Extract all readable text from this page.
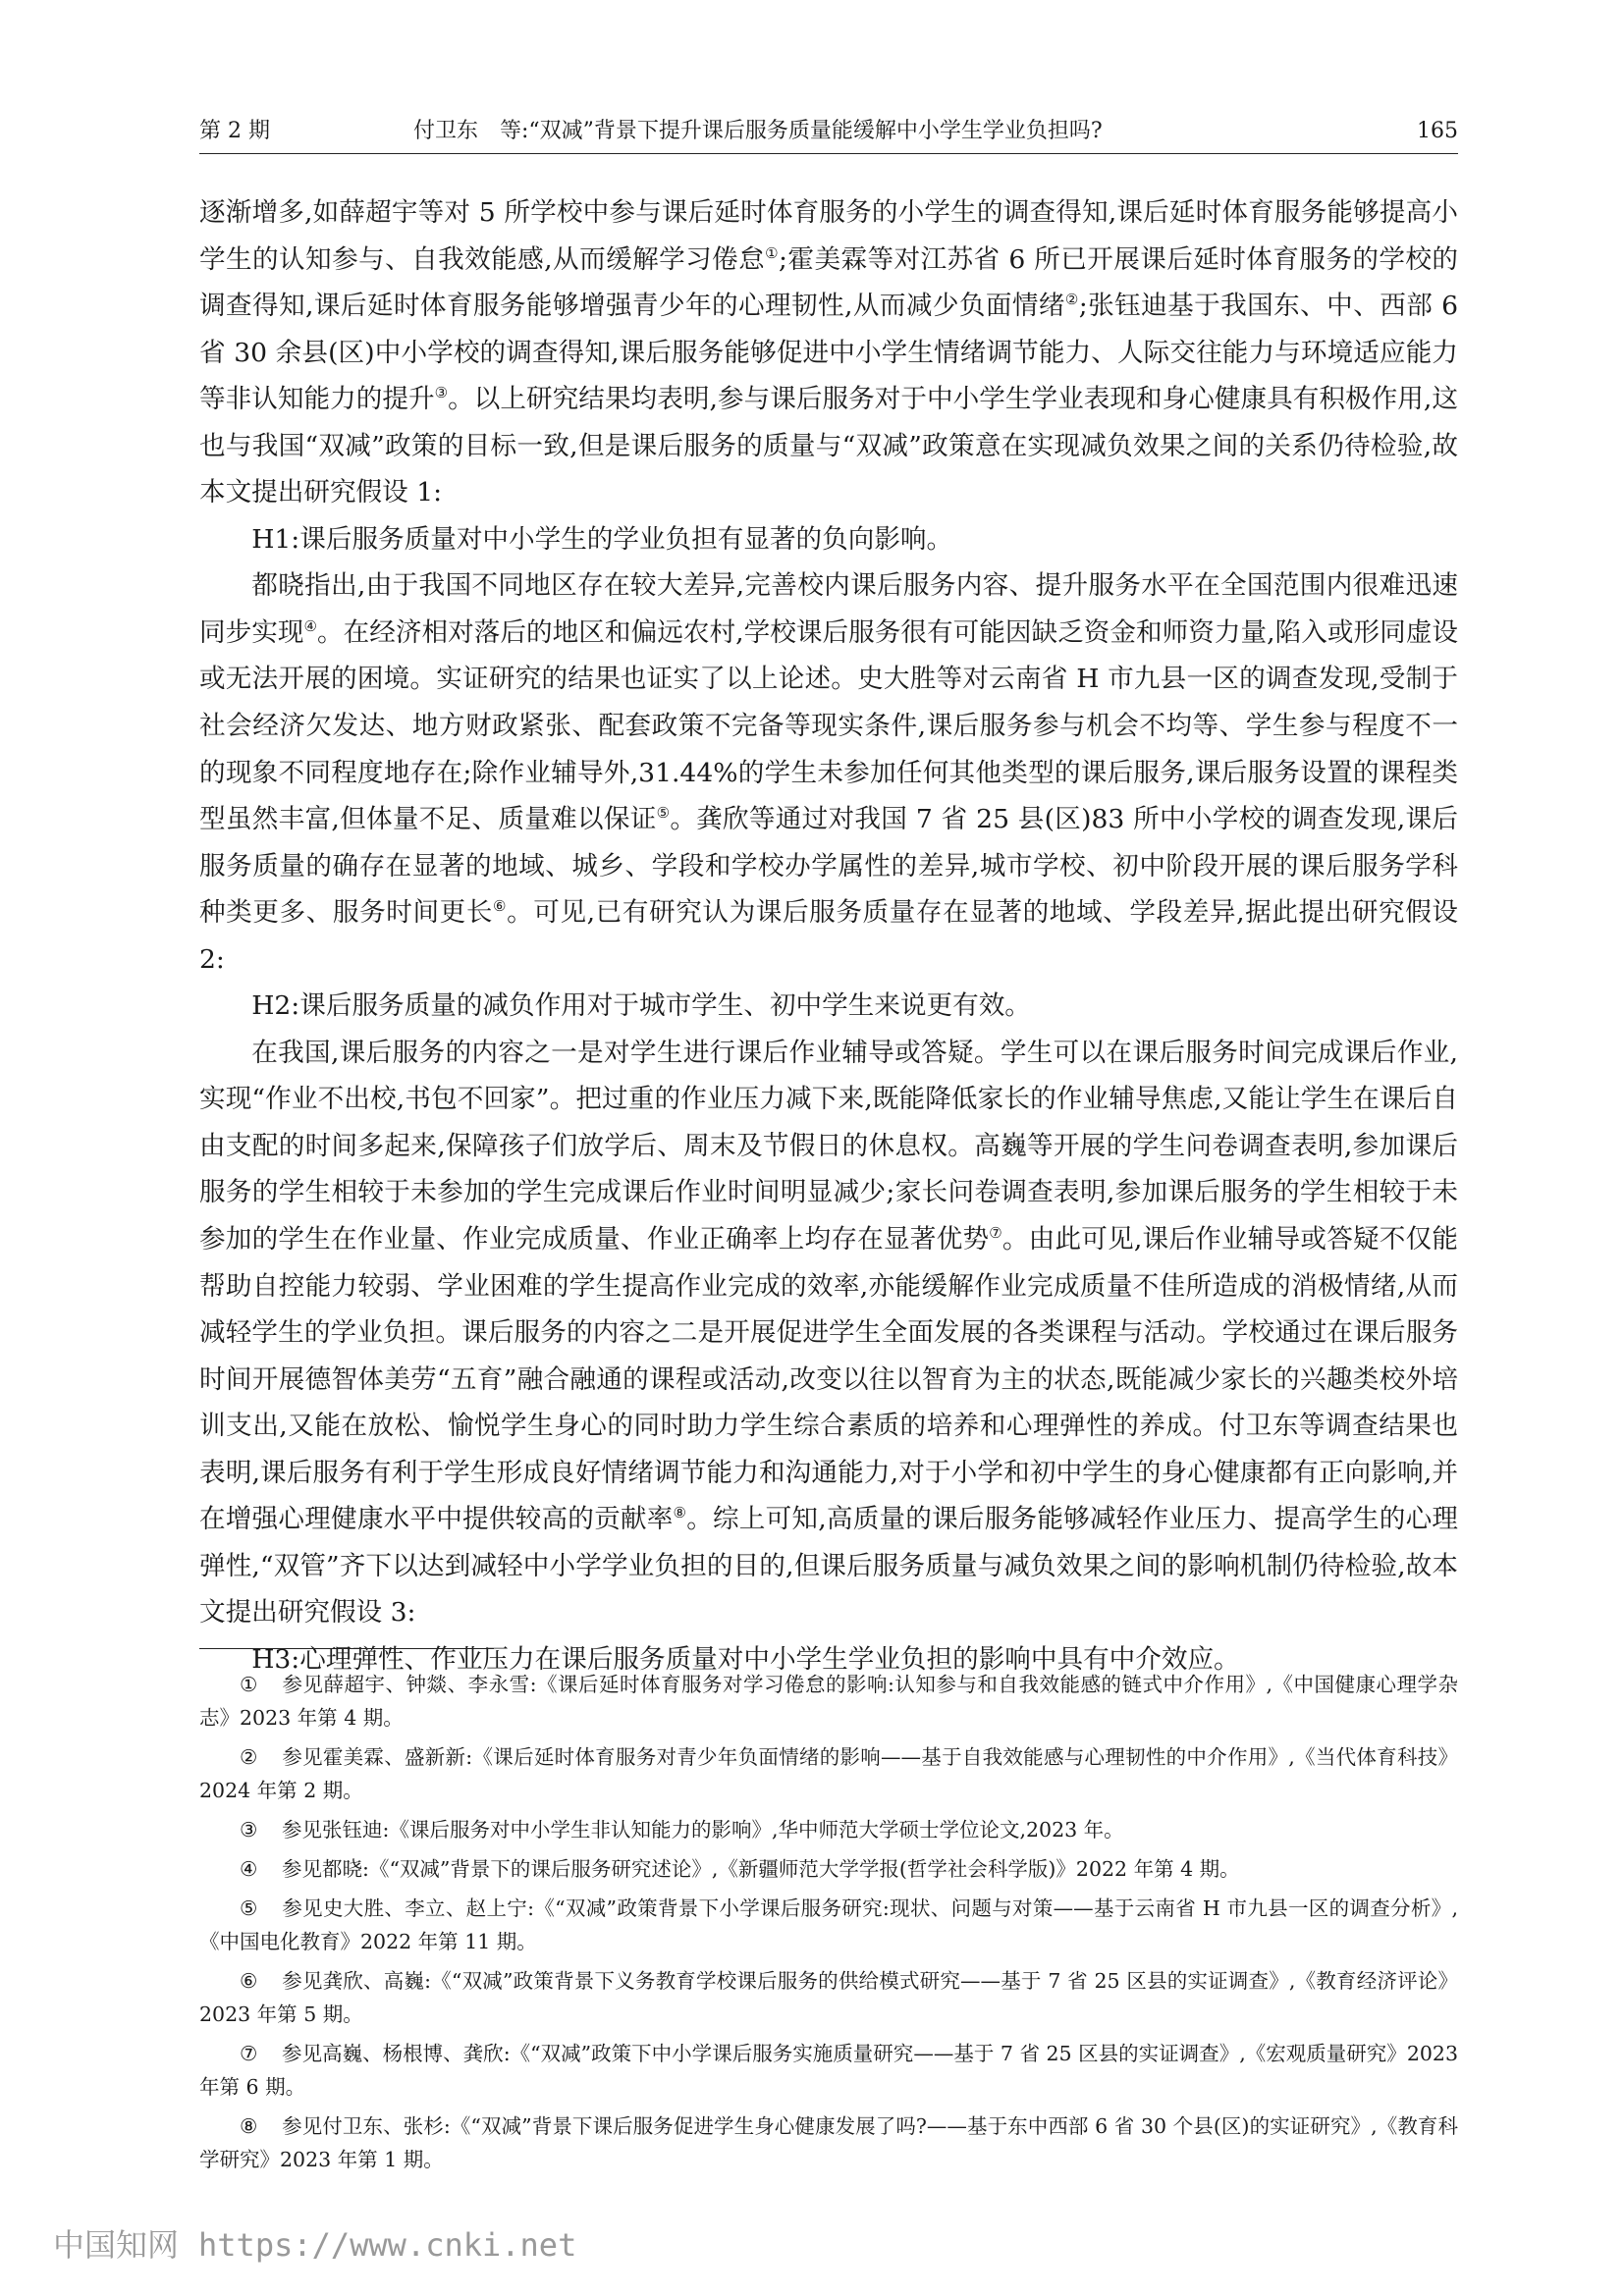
第 2 期	付卫东　等:“双减”背景下提升课后服务质量能缓解中小学生学业负担吗?	165

逐渐增多,如薛超宇等对 5 所学校中参与课后延时体育服务的小学生的调查得知,课后延时体育服务能够提高小学生的认知参与、自我效能感,从而缓解学习倦怠①;霍美霖等对江苏省 6 所已开展课后延时体育服务的学校的调查得知,课后延时体育服务能够增强青少年的心理韧性,从而减少负面情绪②;张钰迪基于我国东、中、西部 6 省 30 余县(区)中小学校的调查得知,课后服务能够促进中小学生情绪调节能力、人际交往能力与环境适应能力等非认知能力的提升③。以上研究结果均表明,参与课后服务对于中小学生学业表现和身心健康具有积极作用,这也与我国“双减”政策的目标一致,但是课后服务的质量与“双减”政策意在实现减负效果之间的关系仍待检验,故本文提出研究假设 1:

H1:课后服务质量对中小学生的学业负担有显著的负向影响。

都晓指出,由于我国不同地区存在较大差异,完善校内课后服务内容、提升服务水平在全国范围内很难迅速同步实现④。在经济相对落后的地区和偏远农村,学校课后服务很有可能因缺乏资金和师资力量,陷入或形同虚设或无法开展的困境。实证研究的结果也证实了以上论述。史大胜等对云南省 H 市九县一区的调查发现,受制于社会经济欠发达、地方财政紧张、配套政策不完备等现实条件,课后服务参与机会不均等、学生参与程度不一的现象不同程度地存在;除作业辅导外,31.44%的学生未参加任何其他类型的课后服务,课后服务设置的课程类型虽然丰富,但体量不足、质量难以保证⑤。龚欣等通过对我国 7 省 25 县(区)83 所中小学校的调查发现,课后服务质量的确存在显著的地域、城乡、学段和学校办学属性的差异,城市学校、初中阶段开展的课后服务学科种类更多、服务时间更长⑥。可见,已有研究认为课后服务质量存在显著的地域、学段差异,据此提出研究假设 2:

H2:课后服务质量的减负作用对于城市学生、初中学生来说更有效。

在我国,课后服务的内容之一是对学生进行课后作业辅导或答疑。学生可以在课后服务时间完成课后作业,实现“作业不出校,书包不回家”。把过重的作业压力减下来,既能降低家长的作业辅导焦虑,又能让学生在课后自由支配的时间多起来,保障孩子们放学后、周末及节假日的休息权。高巍等开展的学生问卷调查表明,参加课后服务的学生相较于未参加的学生完成课后作业时间明显减少;家长问卷调查表明,参加课后服务的学生相较于未参加的学生在作业量、作业完成质量、作业正确率上均存在显著优势⑦。由此可见,课后作业辅导或答疑不仅能帮助自控能力较弱、学业困难的学生提高作业完成的效率,亦能缓解作业完成质量不佳所造成的消极情绪,从而减轻学生的学业负担。课后服务的内容之二是开展促进学生全面发展的各类课程与活动。学校通过在课后服务时间开展德智体美劳“五育”融合融通的课程或活动,改变以往以智育为主的状态,既能减少家长的兴趣类校外培训支出,又能在放松、愉悦学生身心的同时助力学生综合素质的培养和心理弹性的养成。付卫东等调查结果也表明,课后服务有利于学生形成良好情绪调节能力和沟通能力,对于小学和初中学生的身心健康都有正向影响,并在增强心理健康水平中提供较高的贡献率⑧。综上可知,高质量的课后服务能够减轻作业压力、提高学生的心理弹性,“双管”齐下以达到减轻中小学学业负担的目的,但课后服务质量与减负效果之间的影响机制仍待检验,故本文提出研究假设 3:

H3:心理弹性、作业压力在课后服务质量对中小学生学业负担的影响中具有中介效应。

① 参见薛超宇、钟燚、李永雪:《课后延时体育服务对学习倦怠的影响:认知参与和自我效能感的链式中介作用》,《中国健康心理学杂志》2023 年第 4 期。

② 参见霍美霖、盛新新:《课后延时体育服务对青少年负面情绪的影响——基于自我效能感与心理韧性的中介作用》,《当代体育科技》2024 年第 2 期。

③ 参见张钰迪:《课后服务对中小学生非认知能力的影响》,华中师范大学硕士学位论文,2023 年。

④ 参见都晓:《“双减”背景下的课后服务研究述论》,《新疆师范大学学报(哲学社会科学版)》2022 年第 4 期。

⑤ 参见史大胜、李立、赵上宁:《“双减”政策背景下小学课后服务研究:现状、问题与对策——基于云南省 H 市九县一区的调查分析》,《中国电化教育》2022 年第 11 期。

⑥ 参见龚欣、高巍:《“双减”政策背景下义务教育学校课后服务的供给模式研究——基于 7 省 25 区县的实证调查》,《教育经济评论》2023 年第 5 期。

⑦ 参见高巍、杨根博、龚欣:《“双减”政策下中小学课后服务实施质量研究——基于 7 省 25 区县的实证调查》,《宏观质量研究》2023 年第 6 期。

⑧ 参见付卫东、张杉:《“双减”背景下课后服务促进学生身心健康发展了吗?——基于东中西部 6 省 30 个县(区)的实证研究》,《教育科学研究》2023 年第 1 期。

中国知网 https://www.cnki.net
